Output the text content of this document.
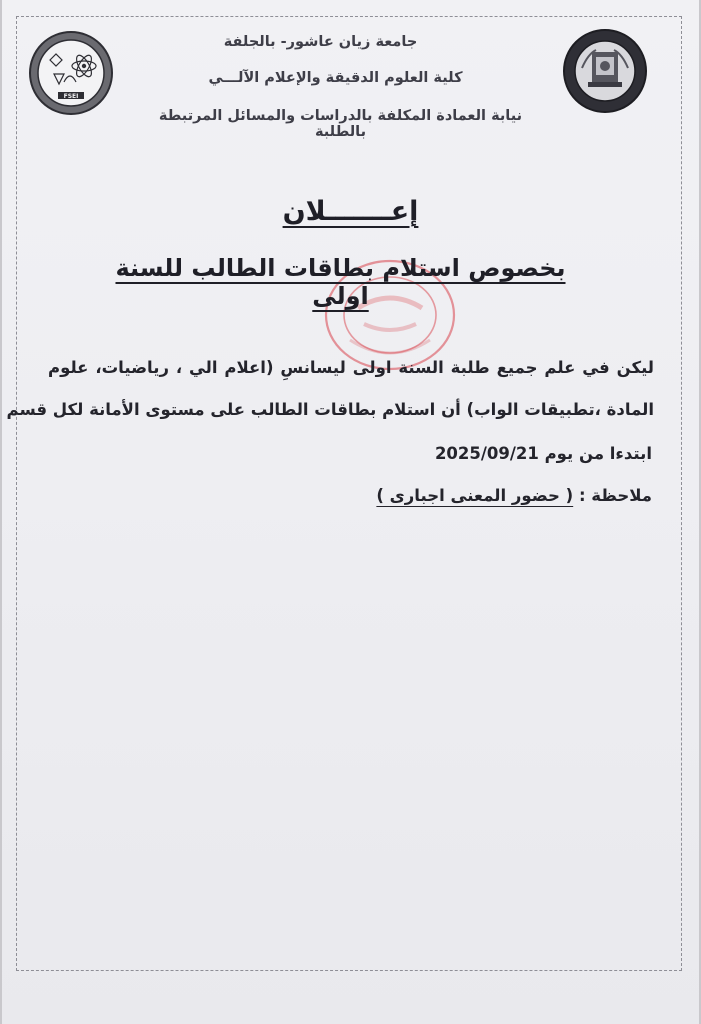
FSEI
جامعة زيان عاشور- بالجلفة
كلية العلوم الدقيقة والإعلام الآلـــي
نيابة العمادة المكلفة بالدراسات والمسائل المرتبطة بالطلبة
إعـــــــلان
بخصوص استلام بطاقات الطالب للسنة اولى
ليكن في علم جميع طلبة السنة اولى ليسانسِ (اعلام الي ، رياضيات، علوم
المادة ،تطبيقات الواب) أن استلام بطاقات الطالب على مستوى الأمانة لكل قسم
ابتدءا من يوم 2025/09/21
ملاحظة : ( حضور المعنى اجبارى )
